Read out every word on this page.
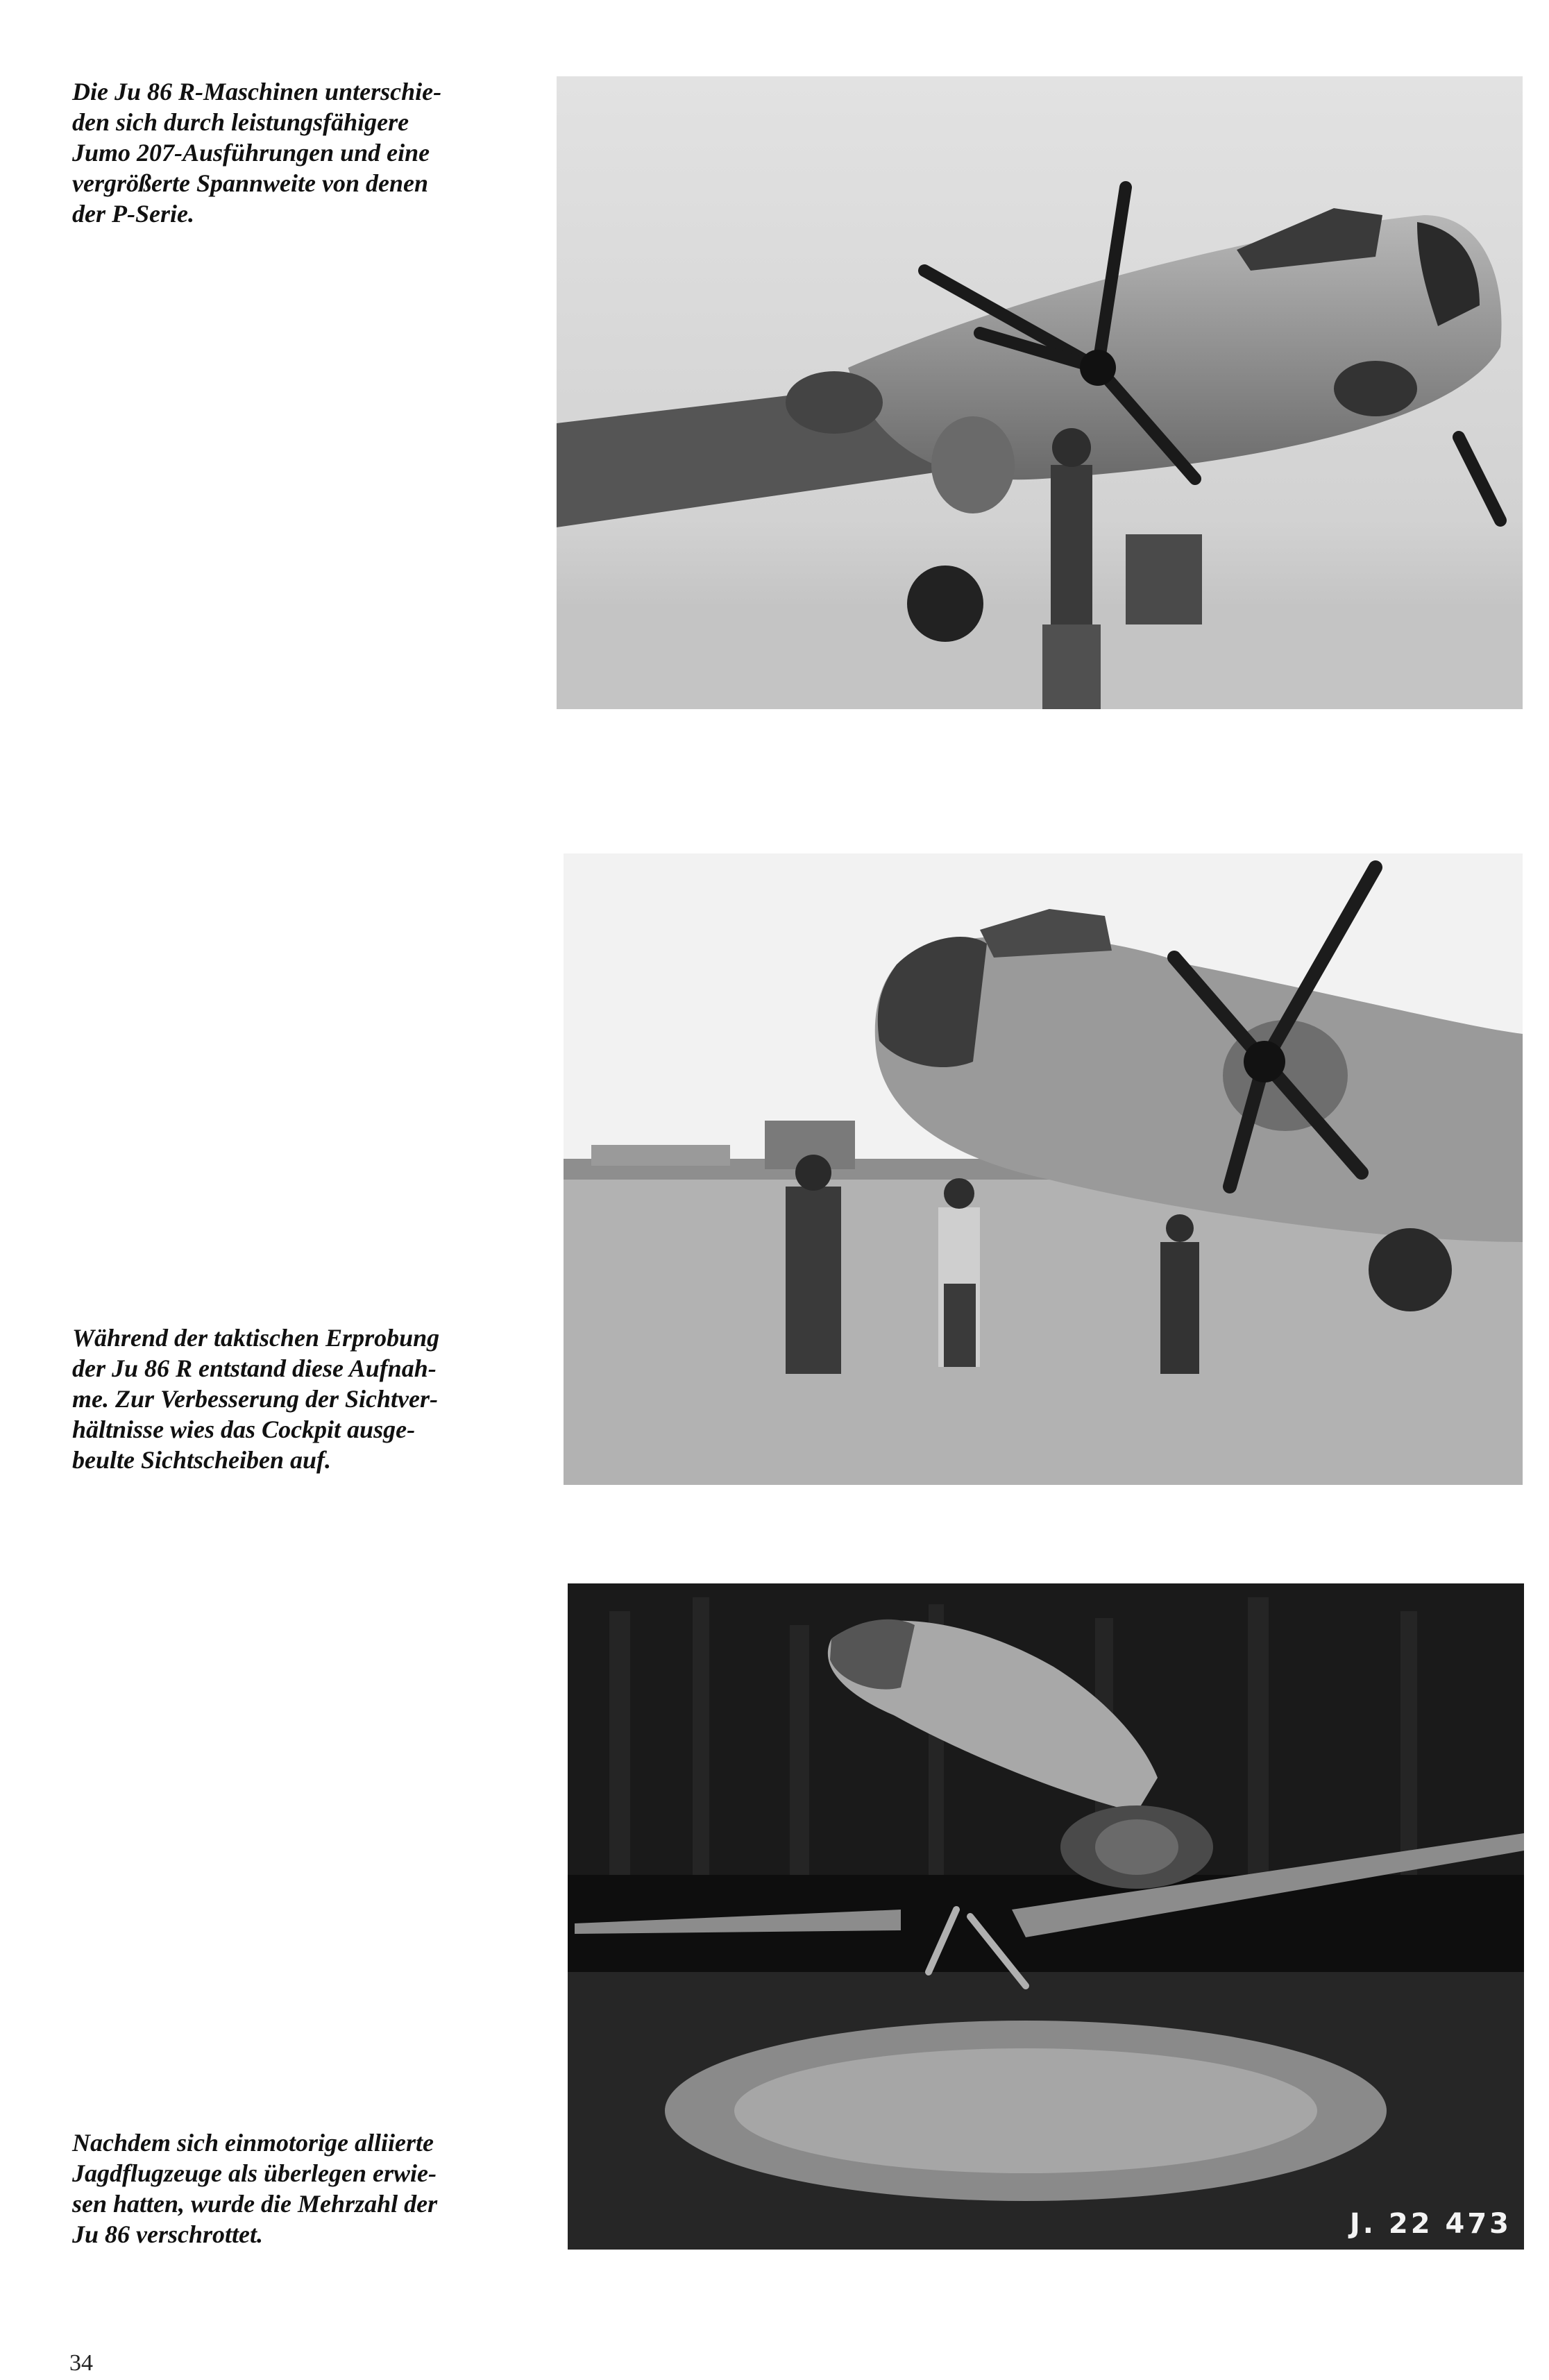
Die Ju 86 R-Maschinen unterschie-
den sich durch leistungsfähigere
Jumo 207-Ausführungen und eine
vergrößerte Spannweite von denen
der P-Serie.

Während der taktischen Erprobung
der Ju 86 R entstand diese Aufnah-
me. Zur Verbesserung der Sichtver-
hältnisse wies das Cockpit ausge-
beulte Sichtscheiben auf.

J. 22 473

Nachdem sich einmotorige alliierte
Jagdflugzeuge als überlegen erwie-
sen hatten, wurde die Mehrzahl der
Ju 86 verschrottet.

34
